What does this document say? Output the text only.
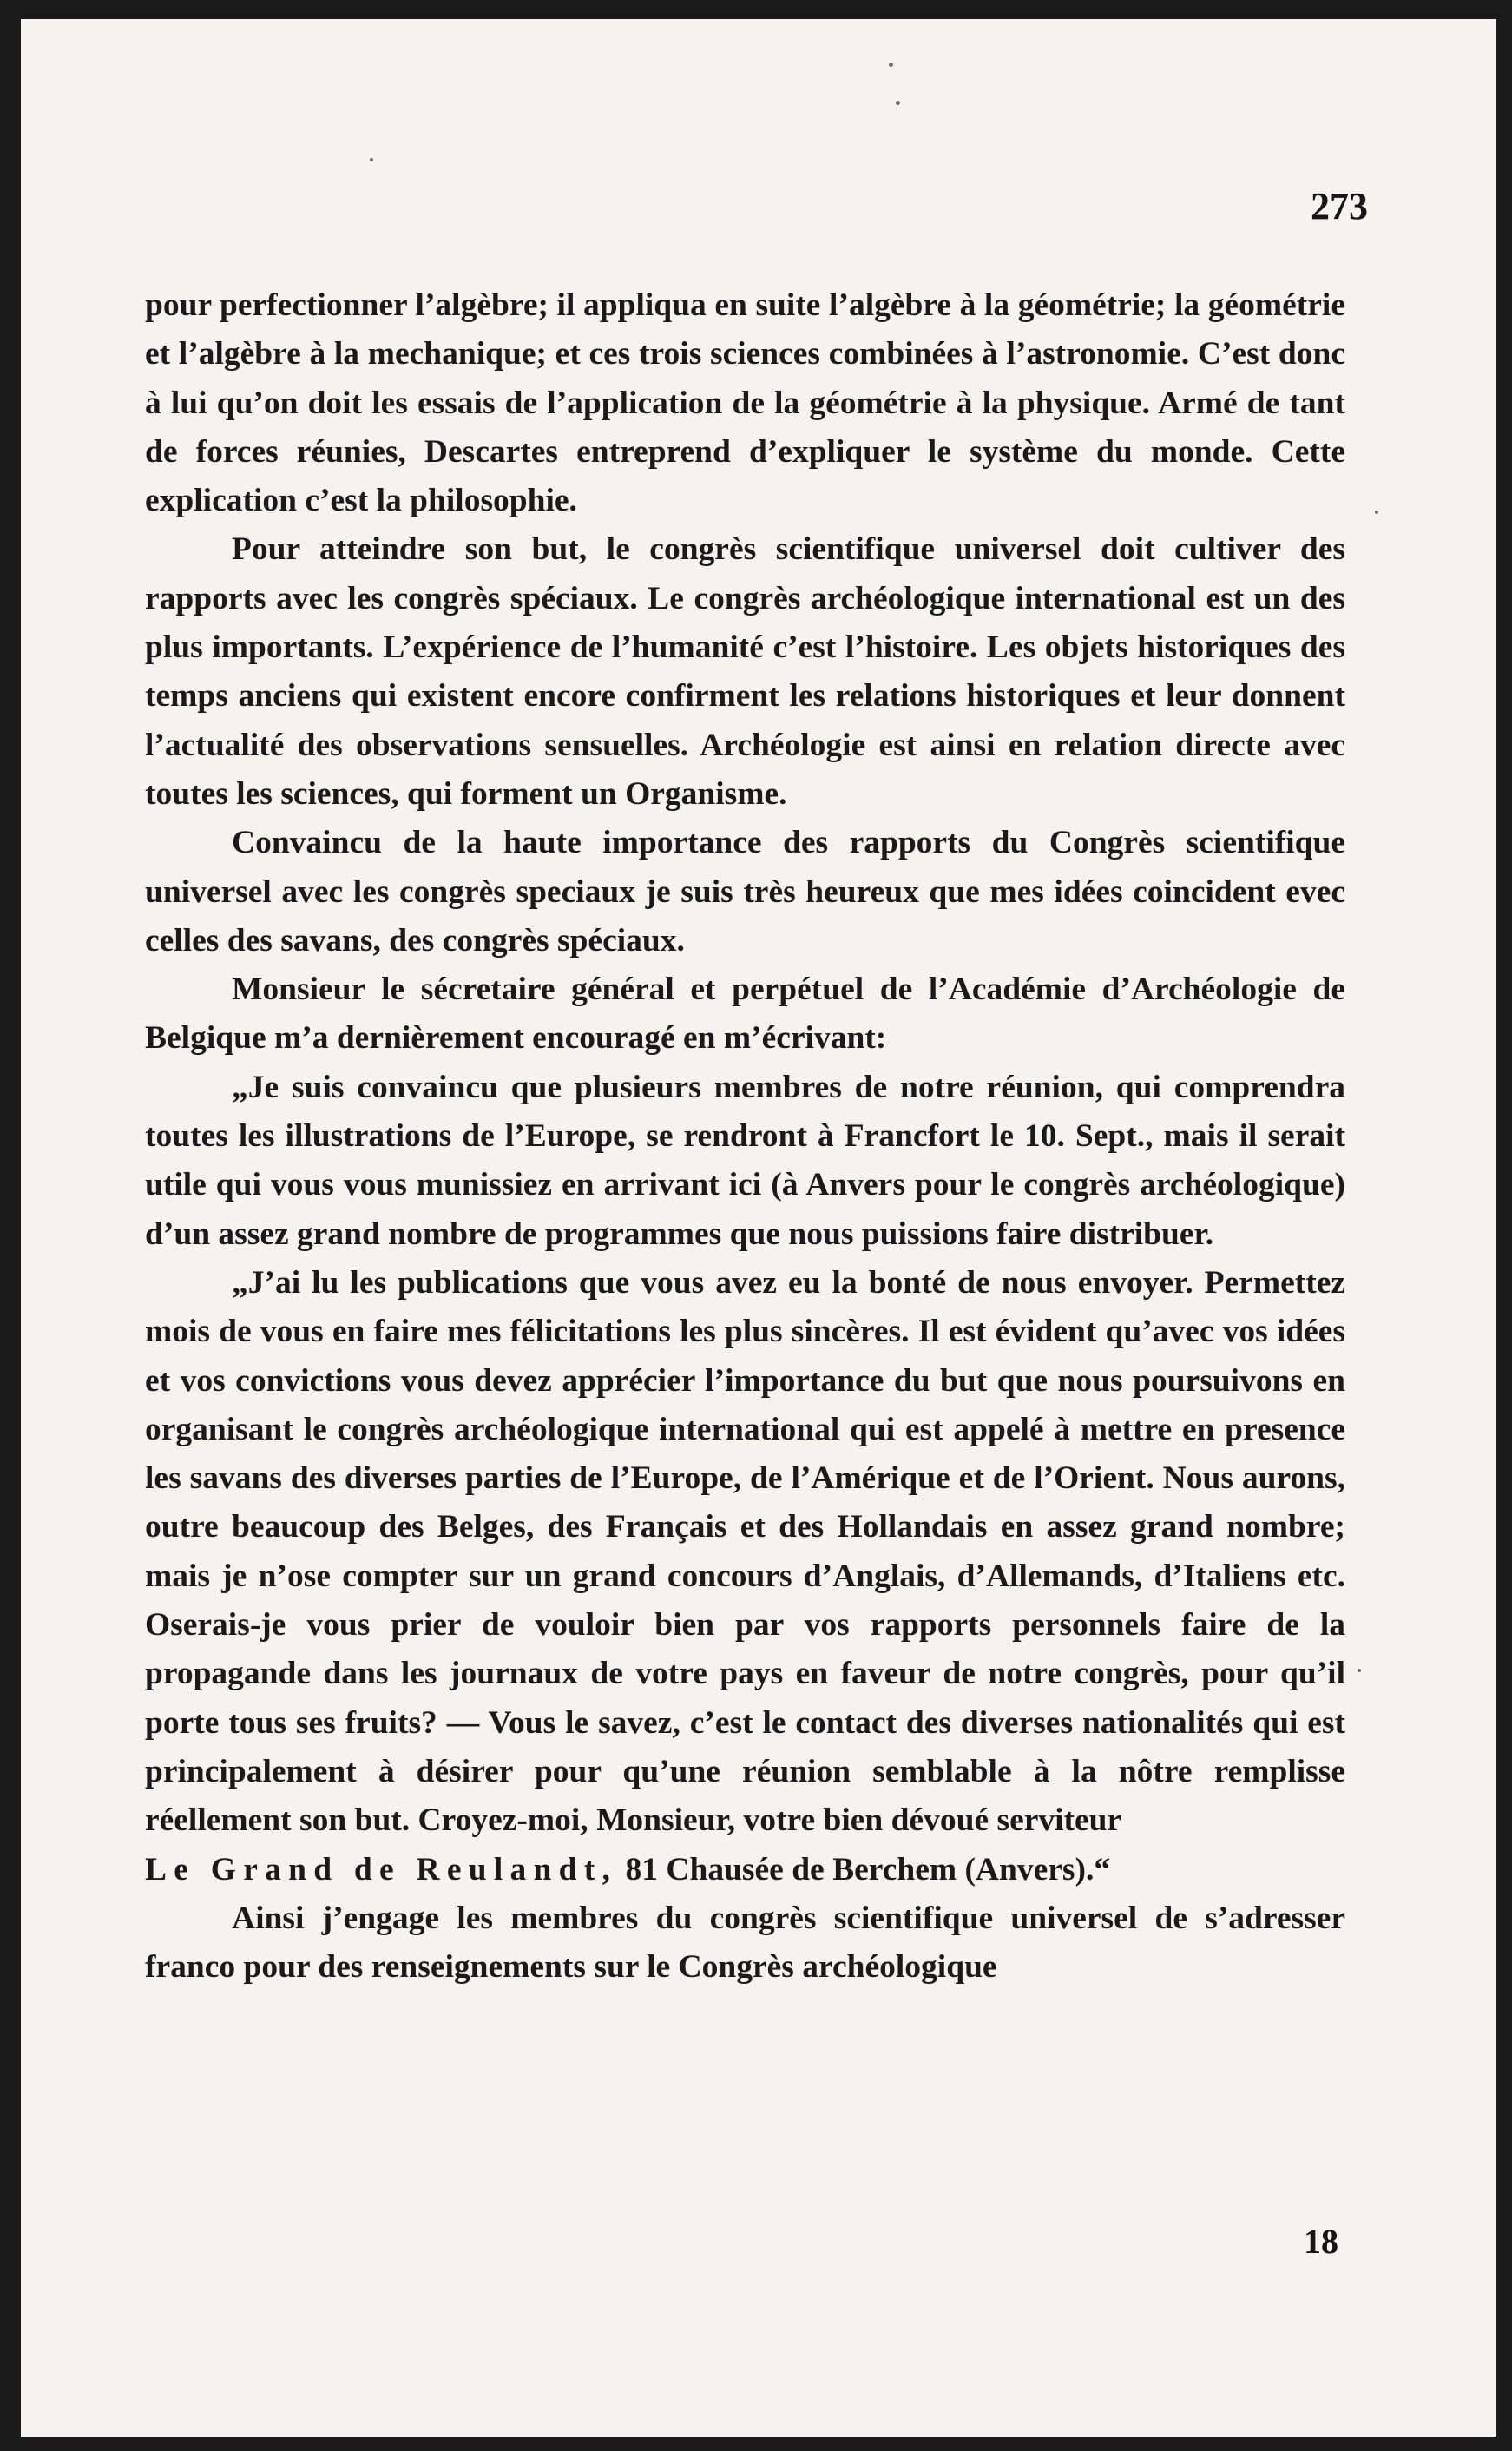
273

pour perfectionner l’algèbre; il appliqua en suite l’algèbre à la géométrie; la géométrie et l’algèbre à la mechanique; et ces trois sciences combinées à l’astronomie. C’est donc à lui qu’on doit les essais de l’application de la géométrie à la physique. Armé de tant de forces réunies, Descartes entreprend d’expliquer le système du monde. Cette explication c’est la philosophie.

Pour atteindre son but, le congrès scientifique universel doit cultiver des rapports avec les congrès spéciaux. Le congrès archéologique international est un des plus importants. L’expérience de l’humanité c’est l’histoire. Les objets historiques des temps anciens qui existent encore confirment les relations historiques et leur donnent l’actualité des observations sensuelles. Archéologie est ainsi en relation directe avec toutes les sciences, qui forment un Organisme.

Convaincu de la haute importance des rapports du Congrès scientifique universel avec les congrès speciaux je suis très heureux que mes idées coincident evec celles des savans, des congrès spéciaux.

Monsieur le sécretaire général et perpétuel de l’Académie d’Archéologie de Belgique m’a dernièrement encouragé en m’écrivant:

„Je suis convaincu que plusieurs membres de notre réunion, qui comprendra toutes les illustrations de l’Europe, se rendront à Francfort le 10. Sept., mais il serait utile qui vous vous munissiez en arrivant ici (à Anvers pour le congrès archéologique) d’un assez grand nombre de programmes que nous puissions faire distribuer.

„J’ai lu les publications que vous avez eu la bonté de nous envoyer. Permettez mois de vous en faire mes félicitations les plus sincères. Il est évident qu’avec vos idées et vos convictions vous devez apprécier l’importance du but que nous poursuivons en organisant le congrès archéologique international qui est appelé à mettre en presence les savans des diverses parties de l’Europe, de l’Amérique et de l’Orient. Nous aurons, outre beaucoup des Belges, des Français et des Hollandais en assez grand nombre; mais je n’ose compter sur un grand concours d’Anglais, d’Allemands, d’Italiens etc. Oserais-je vous prier de vouloir bien par vos rapports personnels faire de la propagande dans les journaux de votre pays en faveur de notre congrès, pour qu’il porte tous ses fruits? — Vous le savez, c’est le contact des diverses nationalités qui est principalement à désirer pour qu’une réunion semblable à la nôtre remplisse réellement son but. Croyez-moi, Monsieur, votre bien dévoué serviteur
Le Grand de Reulandt, 81 Chausée de Berchem (Anvers).“

Ainsi j’engage les membres du congrès scientifique universel de s’adresser franco pour des renseignements sur le Congrès archéologique

18
